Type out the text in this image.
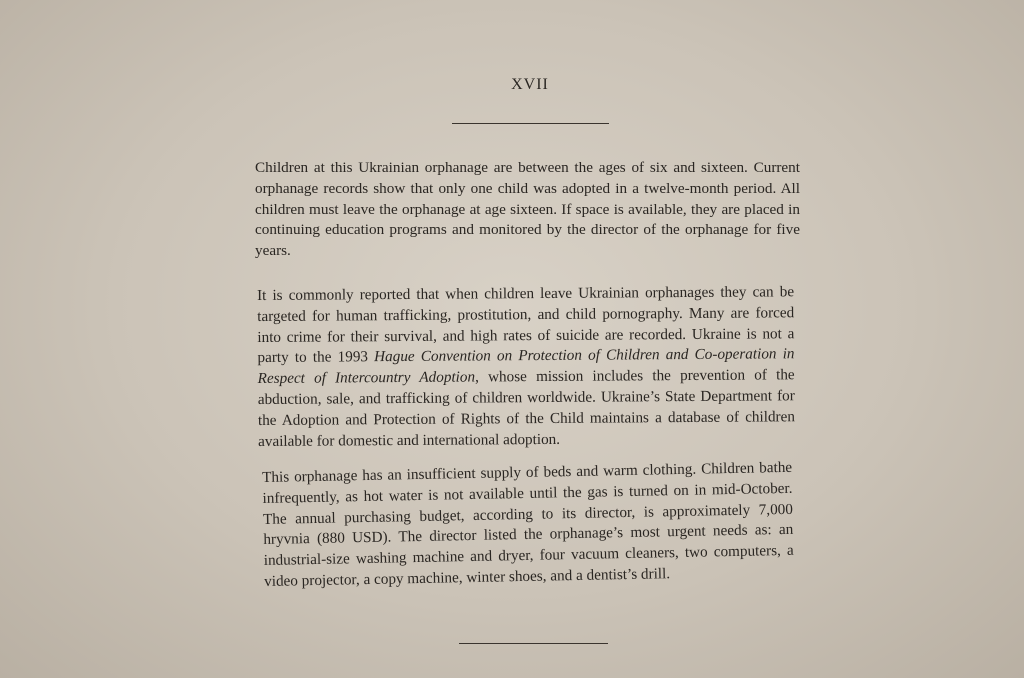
XVII

Children at this Ukrainian orphanage are between the ages of six and sixteen. Current orphanage records show that only one child was adopted in a twelve-month period. All children must leave the orphanage at age sixteen. If space is available, they are placed in continuing education programs and monitored by the director of the orphanage for five years.

It is commonly reported that when children leave Ukrainian orphanages they can be targeted for human trafficking, prostitution, and child pornography. Many are forced into crime for their survival, and high rates of suicide are recorded. Ukraine is not a party to the 1993 Hague Convention on Protection of Children and Co-operation in Respect of Intercountry Adoption, whose mission includes the prevention of the abduction, sale, and trafficking of children worldwide. Ukraine’s State Department for the Adoption and Protection of Rights of the Child maintains a database of children available for domestic and international adoption.

This orphanage has an insufficient supply of beds and warm clothing. Children bathe infrequently, as hot water is not available until the gas is turned on in mid-October. The annual purchasing budget, according to its director, is approximately 7,000 hryvnia (880 USD). The director listed the orphanage’s most urgent needs as: an industrial-size washing machine and dryer, four vacuum cleaners, two computers, a video projector, a copy machine, winter shoes, and a dentist’s drill.
